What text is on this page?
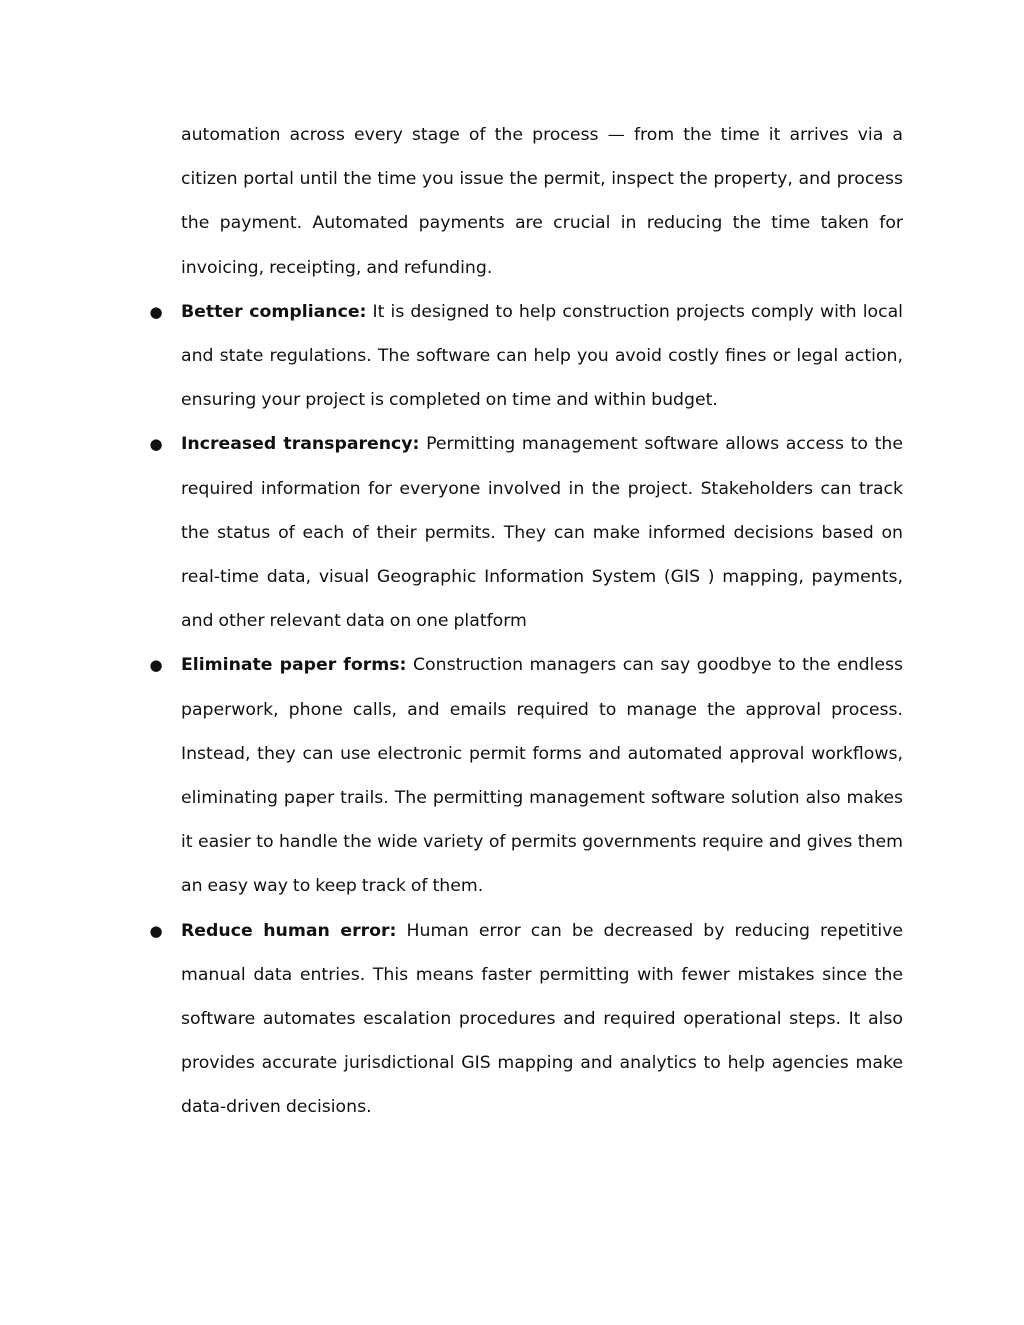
automation across every stage of the process — from the time it arrives via a citizen portal until the time you issue the permit, inspect the property, and process the payment. Automated payments are crucial in reducing the time taken for invoicing, receipting, and refunding.

● Better compliance: It is designed to help construction projects comply with local and state regulations. The software can help you avoid costly fines or legal action, ensuring your project is completed on time and within budget.
● Increased transparency: Permitting management software allows access to the required information for everyone involved in the project. Stakeholders can track the status of each of their permits. They can make informed decisions based on real-time data, visual Geographic Information System (GIS ) mapping, payments, and other relevant data on one platform
● Eliminate paper forms: Construction managers can say goodbye to the endless paperwork, phone calls, and emails required to manage the approval process. Instead, they can use electronic permit forms and automated approval workflows, eliminating paper trails. The permitting management software solution also makes it easier to handle the wide variety of permits governments require and gives them an easy way to keep track of them.
● Reduce human error: Human error can be decreased by reducing repetitive manual data entries. This means faster permitting with fewer mistakes since the software automates escalation procedures and required operational steps. It also provides accurate jurisdictional GIS mapping and analytics to help agencies make data-driven decisions.
